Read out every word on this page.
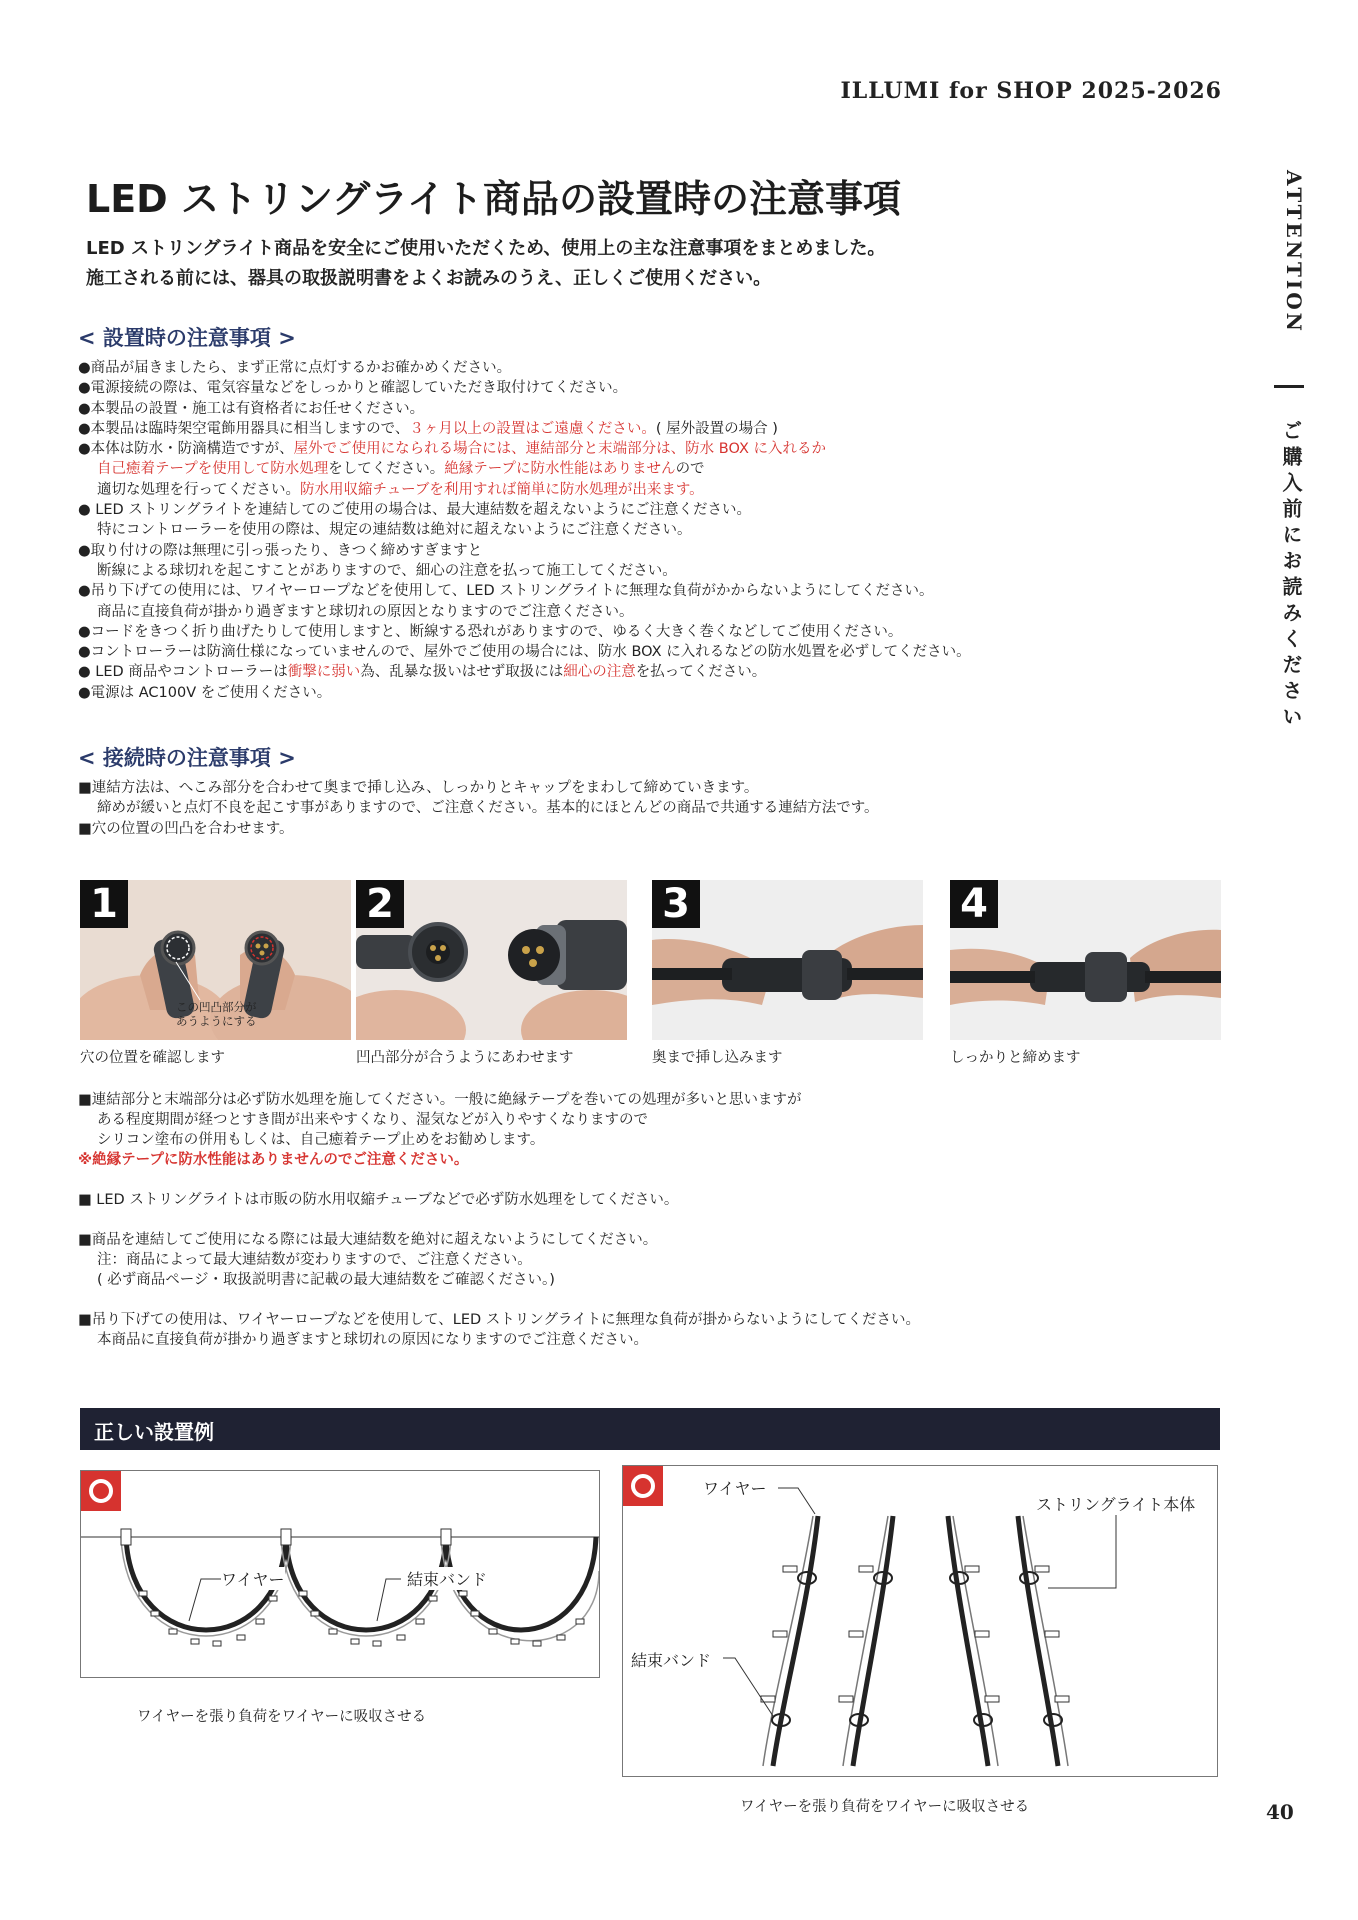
ILLUMI for SHOP 2025-2026
ATTENTION
ご購入前にお読みください
LED ストリングライト商品の設置時の注意事項

LED ストリングライト商品を安全にご使用いただくため、使用上の主な注意事項をまとめました。

施工される前には、器具の取扱説明書をよくお読みのうえ、正しくご使用ください。

< 設置時の注意事項 >

●商品が届きましたら、まず正常に点灯するかお確かめください。

●電源接続の際は、電気容量などをしっかりと確認していただき取付けてください。

●本製品の設置・施工は有資格者にお任せください。

●本製品は臨時架空電飾用器具に相当しますので、３ヶ月以上の設置はご遠慮ください。( 屋外設置の場合 )

●本体は防水・防滴構造ですが、屋外でご使用になられる場合には、連結部分と末端部分は、防水 BOX に入れるか

自己癒着テープを使用して防水処理をしてください。絶縁テープに防水性能はありませんので

適切な処理を行ってください。防水用収縮チューブを利用すれば簡単に防水処理が出来ます。

● LED ストリングライトを連結してのご使用の場合は、最大連結数を超えないようにご注意ください。

特にコントローラーを使用の際は、規定の連結数は絶対に超えないようにご注意ください。

●取り付けの際は無理に引っ張ったり、きつく締めすぎますと

断線による球切れを起こすことがありますので、細心の注意を払って施工してください。

●吊り下げての使用には、ワイヤーロープなどを使用して、LED ストリングライトに無理な負荷がかからないようにしてください。

商品に直接負荷が掛かり過ぎますと球切れの原因となりますのでご注意ください。

●コードをきつく折り曲げたりして使用しますと、断線する恐れがありますので、ゆるく大きく巻くなどしてご使用ください。

●コントローラーは防滴仕様になっていませんので、屋外でご使用の場合には、防水 BOX に入れるなどの防水処置を必ずしてください。

● LED 商品やコントローラーは衝撃に弱い為、乱暴な扱いはせず取扱には細心の注意を払ってください。

●電源は AC100V をご使用ください。

< 接続時の注意事項 >

■連結方法は、へこみ部分を合わせて奥まで挿し込み、しっかりとキャップをまわして締めていきます。

締めが緩いと点灯不良を起こす事がありますので、ご注意ください。基本的にほとんどの商品で共通する連結方法です。

■穴の位置の凹凸を合わせます。

1
この凹凸部分が
あうようにする
穴の位置を確認します
2
凹凸部分が合うようにあわせます
3
奥まで挿し込みます
4
しっかりと締めます

■連結部分と末端部分は必ず防水処理を施してください。一般に絶縁テープを巻いての処理が多いと思いますが

ある程度期間が経つとすき間が出来やすくなり、湿気などが入りやすくなりますので

シリコン塗布の併用もしくは、自己癒着テープ止めをお勧めします。

※絶縁テープに防水性能はありませんのでご注意ください。

■ LED ストリングライトは市販の防水用収縮チューブなどで必ず防水処理をしてください。

■商品を連結してご使用になる際には最大連結数を絶対に超えないようにしてください。

注：商品によって最大連結数が変わりますので、ご注意ください。

( 必ず商品ページ・取扱説明書に記載の最大連結数をご確認ください。)

■吊り下げての使用は、ワイヤーロープなどを使用して、LED ストリングライトに無理な負荷が掛からないようにしてください。

本商品に直接負荷が掛かり過ぎますと球切れの原因になりますのでご注意ください。

正しい設置例
ワイヤー	結束バンド
ワイヤーを張り負荷をワイヤーに吸収させる
ワイヤー
ストリングライト本体
結束バンド
ワイヤーを張り負荷をワイヤーに吸収させる	40
